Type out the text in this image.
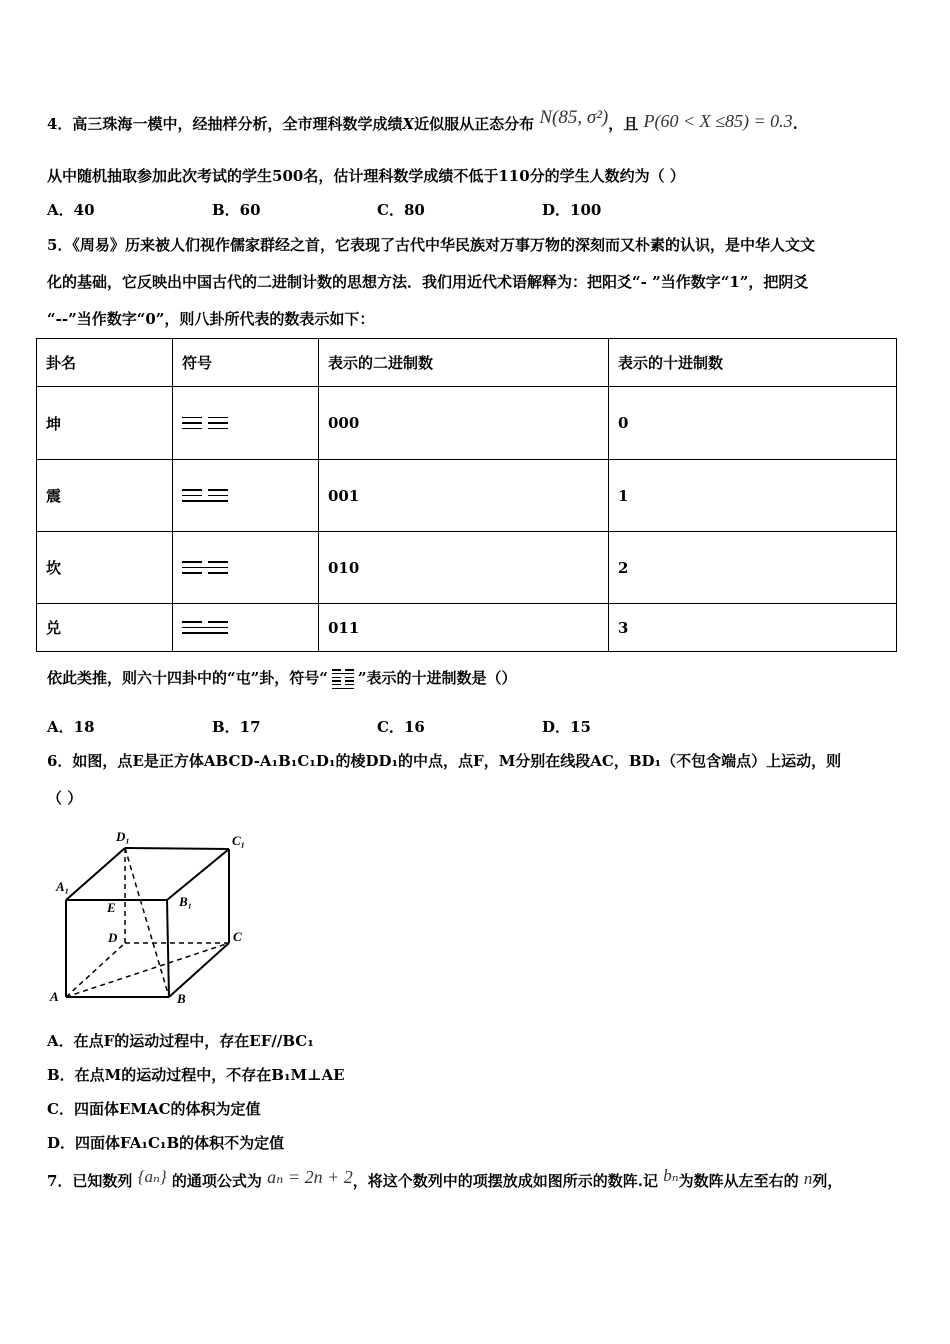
4．高三珠海一模中，经抽样分析，全市理科数学成绩X近似服从正态分布 N(85, σ²)，且 P(60 < X ≤85) = 0.3.
从中随机抽取参加此次考试的学生500名，估计理科数学成绩不低于110分的学生人数约为（ ）
A．40	B．60	C．80	D．100
5．《周易》历来被人们视作儒家群经之首，它表现了古代中华民族对万事万物的深刻而又朴素的认识，是中华人文文
化的基础，它反映出中国古代的二进制计数的思想方法．我们用近代术语解释为：把阳爻“- ”当作数字“1”，把阴爻
“--”当作数字“0”，则八卦所代表的数表示如下：
卦名	符号	表示的二进制数	表示的十进制数
坤		000	0
震		001	1
坎		010	2
兑		011	3
依此类推，则六十四卦中的“屯”卦，符号“ ”表示的十进制数是（）
A．18	B．17	C．16	D．15
6．如图，点E是正方体ABCD-A₁B₁C₁D₁的棱DD₁的中点，点F，M分别在线段AC，BD₁（不包含端点）上运动，则
（ ）
D₁	C₁
A₁
B₁
E
D	C
A	B
A．在点F的运动过程中，存在EF//BC₁
B．在点M的运动过程中，不存在B₁M⊥AE
C．四面体EMAC的体积为定值
D．四面体FA₁C₁B的体积不为定值
7．已知数列 {aₙ} 的通项公式为 aₙ = 2n + 2，将这个数列中的项摆放成如图所示的数阵.记 bₙ为数阵从左至右的 n列，
